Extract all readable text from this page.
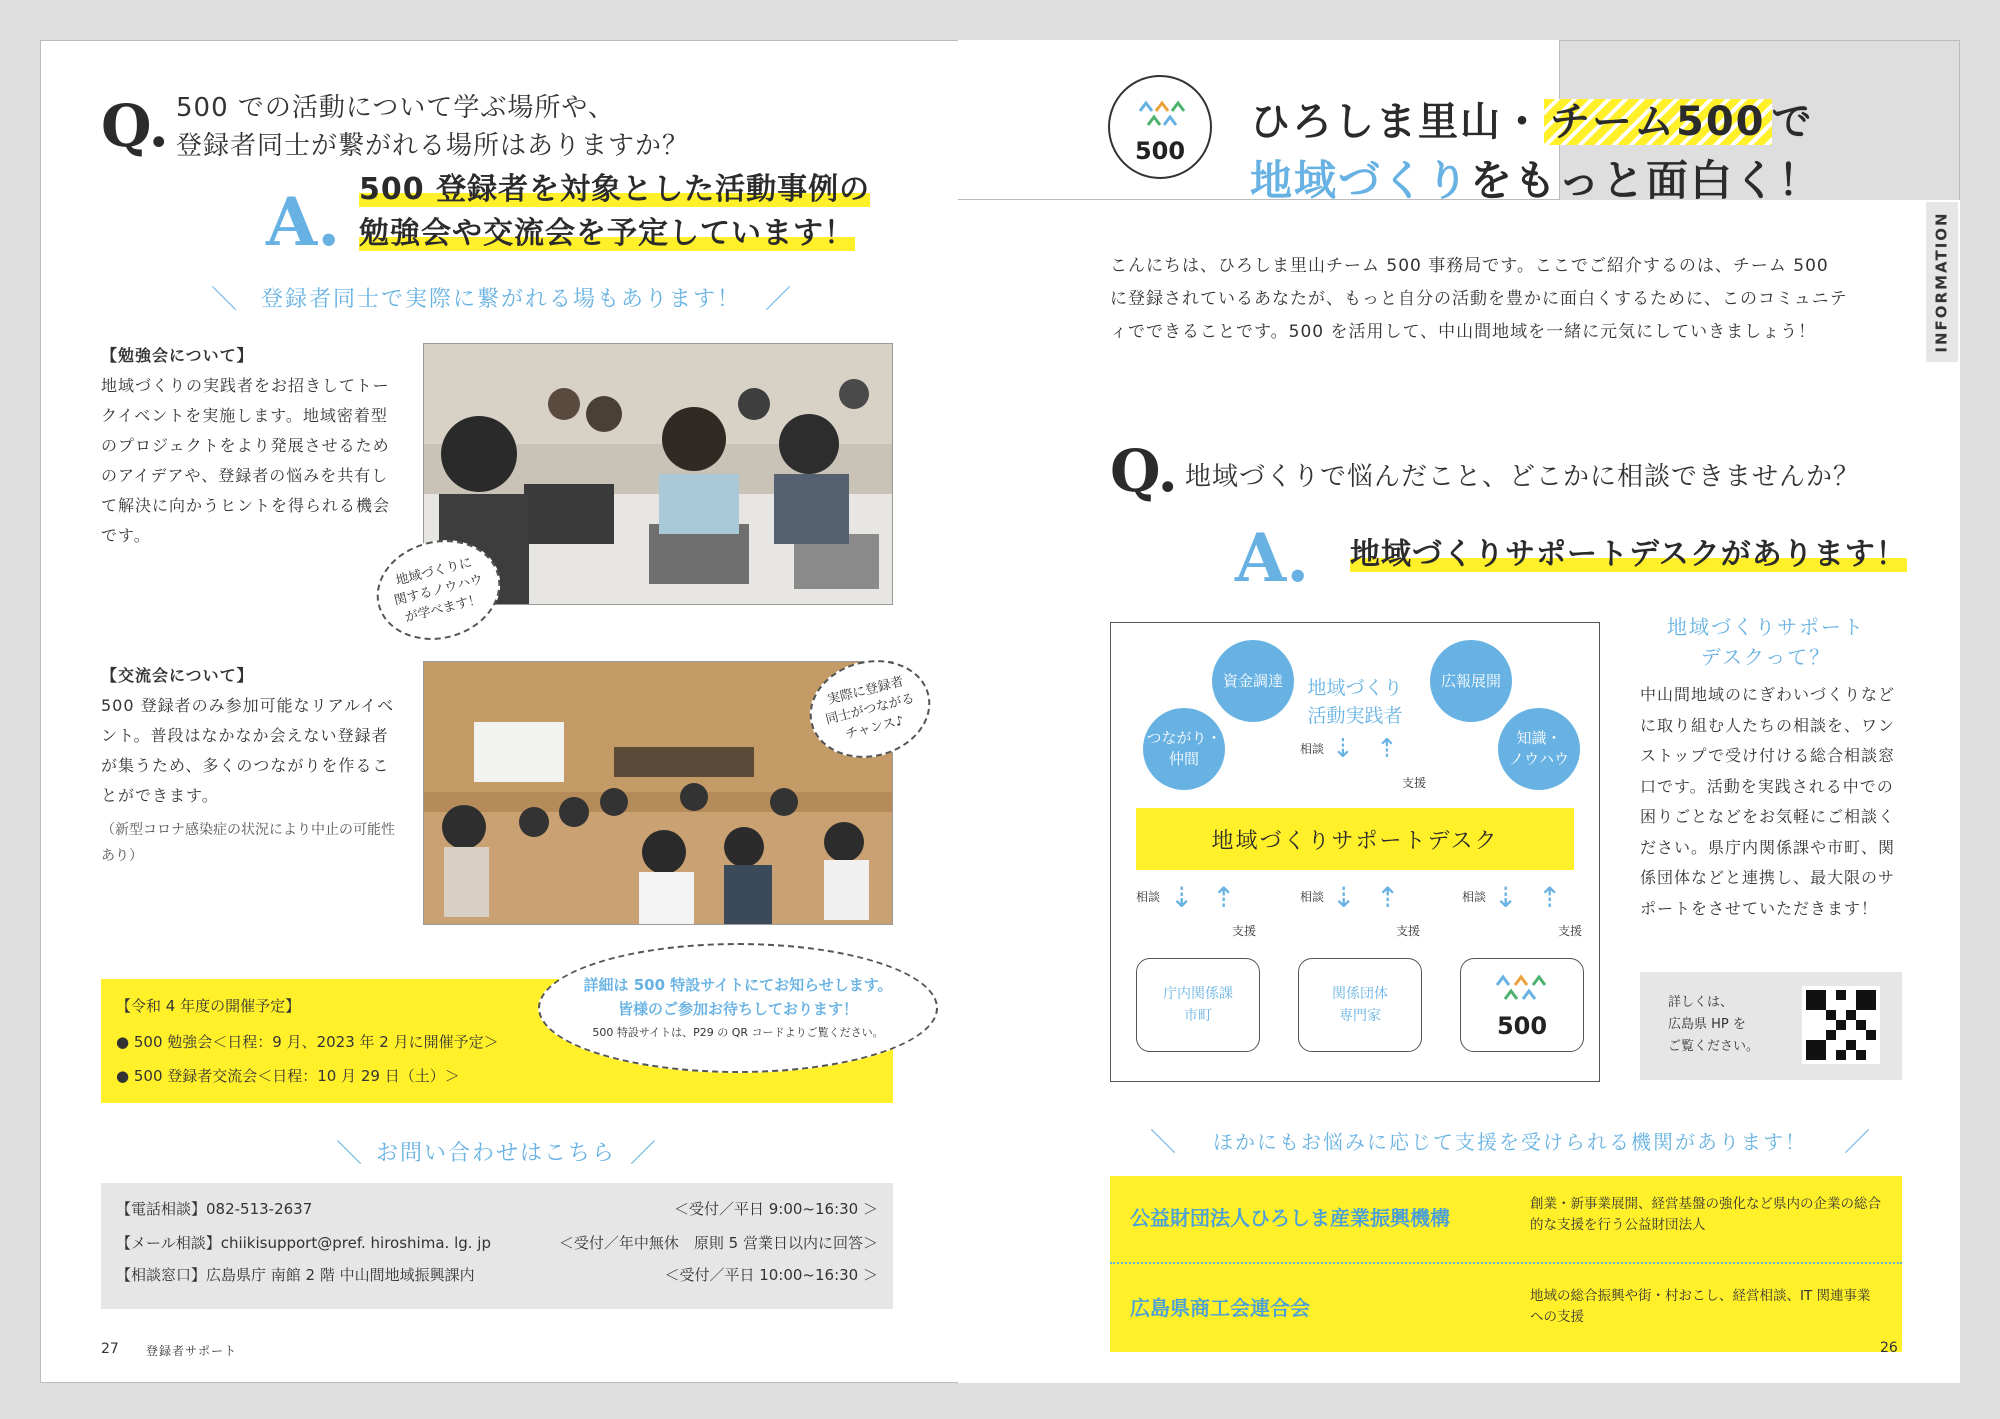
Q. 500 での活動について学ぶ場所や、
登録者同士が繋がれる場所はありますか？
A. 500 登録者を対象とした活動事例の
勉強会や交流会を予定しています！
＼ 登録者同士で実際に繋がれる場もあります！ ／
【勉強会について】
地域づくりの実践者をお招きしてトークイベントを実施します。地域密着型のプロジェクトをより発展させるためのアイデアや、登録者の悩みを共有して解決に向かうヒントを得られる機会です。
地域づくりに
関するノウハウ
が学べます！
【交流会について】
500 登録者のみ参加可能なリアルイベント。普段はなかなか会えない登録者が集うため、多くのつながりを作ることができます。
（新型コロナ感染症の状況により中止の可能性あり）
実際に登録者
同士がつながる
チャンス♪
【令和 4 年度の開催予定】
● 500 勉強会＜日程：9 月、2023 年 2 月に開催予定＞
● 500 登録者交流会＜日程：10 月 29 日（土）＞
詳細は 500 特設サイトにてお知らせします。
皆様のご参加お待ちしております！
500 特設サイトは、P29 の QR コードよりご覧ください。
＼ お問い合わせはこちら ／
【電話相談】082-513-2637	＜受付／平日 9:00~16:30 ＞
【メール相談】chiikisupport@pref. hiroshima. lg. jp	＜受付／年中無休　原則 5 営業日以内に回答＞
【相談窓口】広島県庁 南館 2 階 中山間地域振興課内	＜受付／平日 10:00~16:30 ＞
27 登録者サポート
500
ひろしま里山・ チーム500 で
地域づくりをもっと面白く！
INFORMATION
こんにちは、ひろしま里山チーム 500 事務局です。ここでご紹介するのは、チーム 500 に登録されているあなたが、もっと自分の活動を豊かに面白くするために、このコミュニティでできることです。500 を活用して、中山間地域を一緒に元気にしていきましょう！
Q. 地域づくりで悩んだこと、どこかに相談できませんか？
A. 地域づくりサポートデスクがあります！
資金調達	広報展開
つながり・
仲間
知識・
ノウハウ
地域づくり
活動実践者
相談 ⇣ ⇡
支援
地域づくりサポートデスク
相談 ⇣ ⇡
支援
相談 ⇣ ⇡
支援
相談 ⇣ ⇡
支援
庁内関係課
市町
関係団体
専門家	500
地域づくりサポート
デスクって？
中山間地域のにぎわいづくりなどに取り組む人たちの相談を、ワンストップで受け付ける総合相談窓口です。活動を実践される中での困りごとなどをお気軽にご相談ください。県庁内関係課や市町、関係団体などと連携し、最大限のサポートをさせていただきます！
詳しくは、
広島県 HP を
ご覧ください。
＼ ほかにもお悩みに応じて支援を受けられる機関があります！ ／
公益財団法人ひろしま産業振興機構
創業・新事業展開、経営基盤の強化など県内の企業の総合的な支援を行う公益財団法人
広島県商工会連合会	地域の総合振興や街・村おこし、経営相談、IT 関連事業への支援
26
